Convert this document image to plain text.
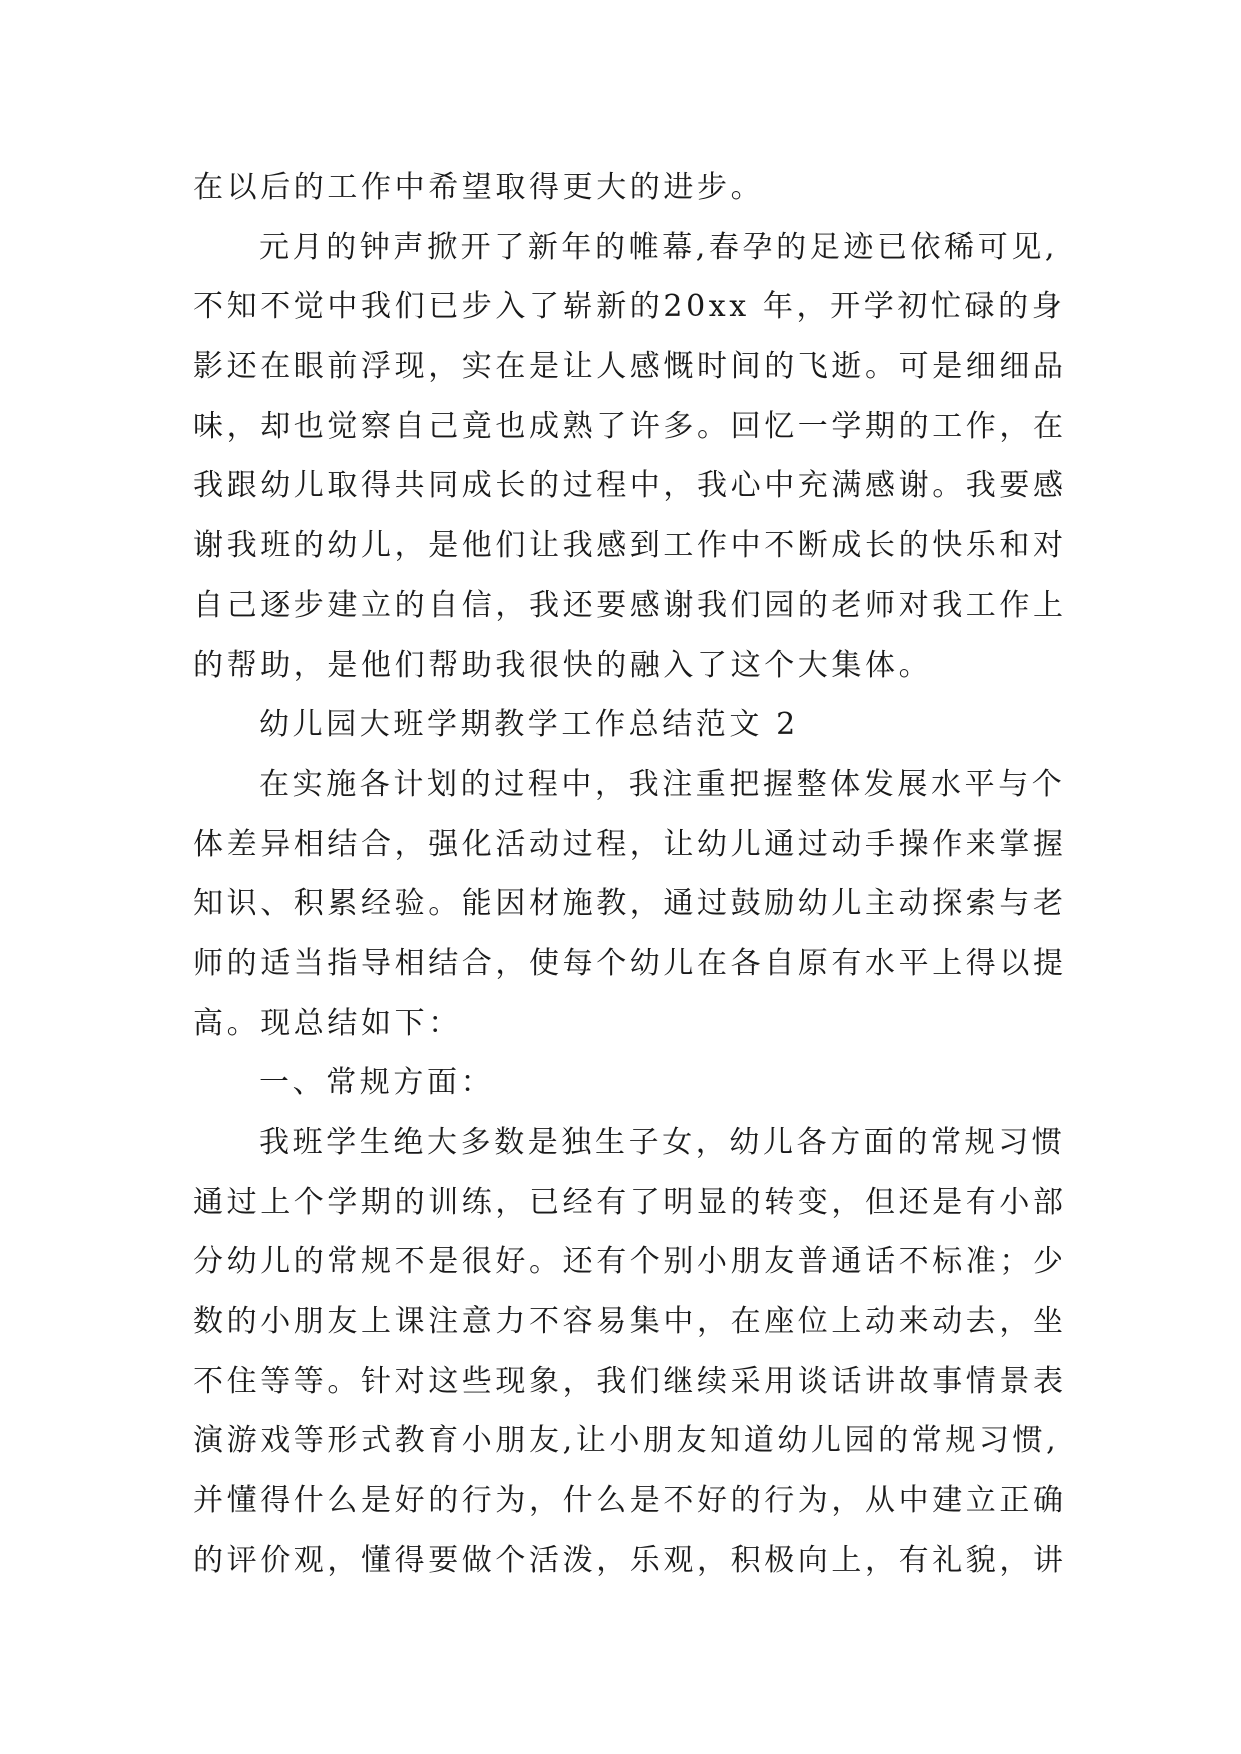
在以后的工作中希望取得更大的进步。
元月的钟声掀开了新年的帷幕,春孕的足迹已依稀可见,
不知不觉中我们已步入了崭新的20xx 年，开学初忙碌的身
影还在眼前浮现，实在是让人感慨时间的飞逝。可是细细品
味，却也觉察自己竟也成熟了许多。回忆一学期的工作，在
我跟幼儿取得共同成长的过程中，我心中充满感谢。我要感
谢我班的幼儿，是他们让我感到工作中不断成长的快乐和对
自己逐步建立的自信，我还要感谢我们园的老师对我工作上
的帮助，是他们帮助我很快的融入了这个大集体。
幼儿园大班学期教学工作总结范文 2
在实施各计划的过程中，我注重把握整体发展水平与个
体差异相结合，强化活动过程，让幼儿通过动手操作来掌握
知识、积累经验。能因材施教，通过鼓励幼儿主动探索与老
师的适当指导相结合，使每个幼儿在各自原有水平上得以提
高。现总结如下：
一、常规方面：
我班学生绝大多数是独生子女，幼儿各方面的常规习惯
通过上个学期的训练，已经有了明显的转变，但还是有小部
分幼儿的常规不是很好。还有个别小朋友普通话不标准；少
数的小朋友上课注意力不容易集中，在座位上动来动去，坐
不住等等。针对这些现象，我们继续采用谈话讲故事情景表
演游戏等形式教育小朋友,让小朋友知道幼儿园的常规习惯,
并懂得什么是好的行为，什么是不好的行为，从中建立正确
的评价观，懂得要做个活泼，乐观，积极向上，有礼貌，讲
